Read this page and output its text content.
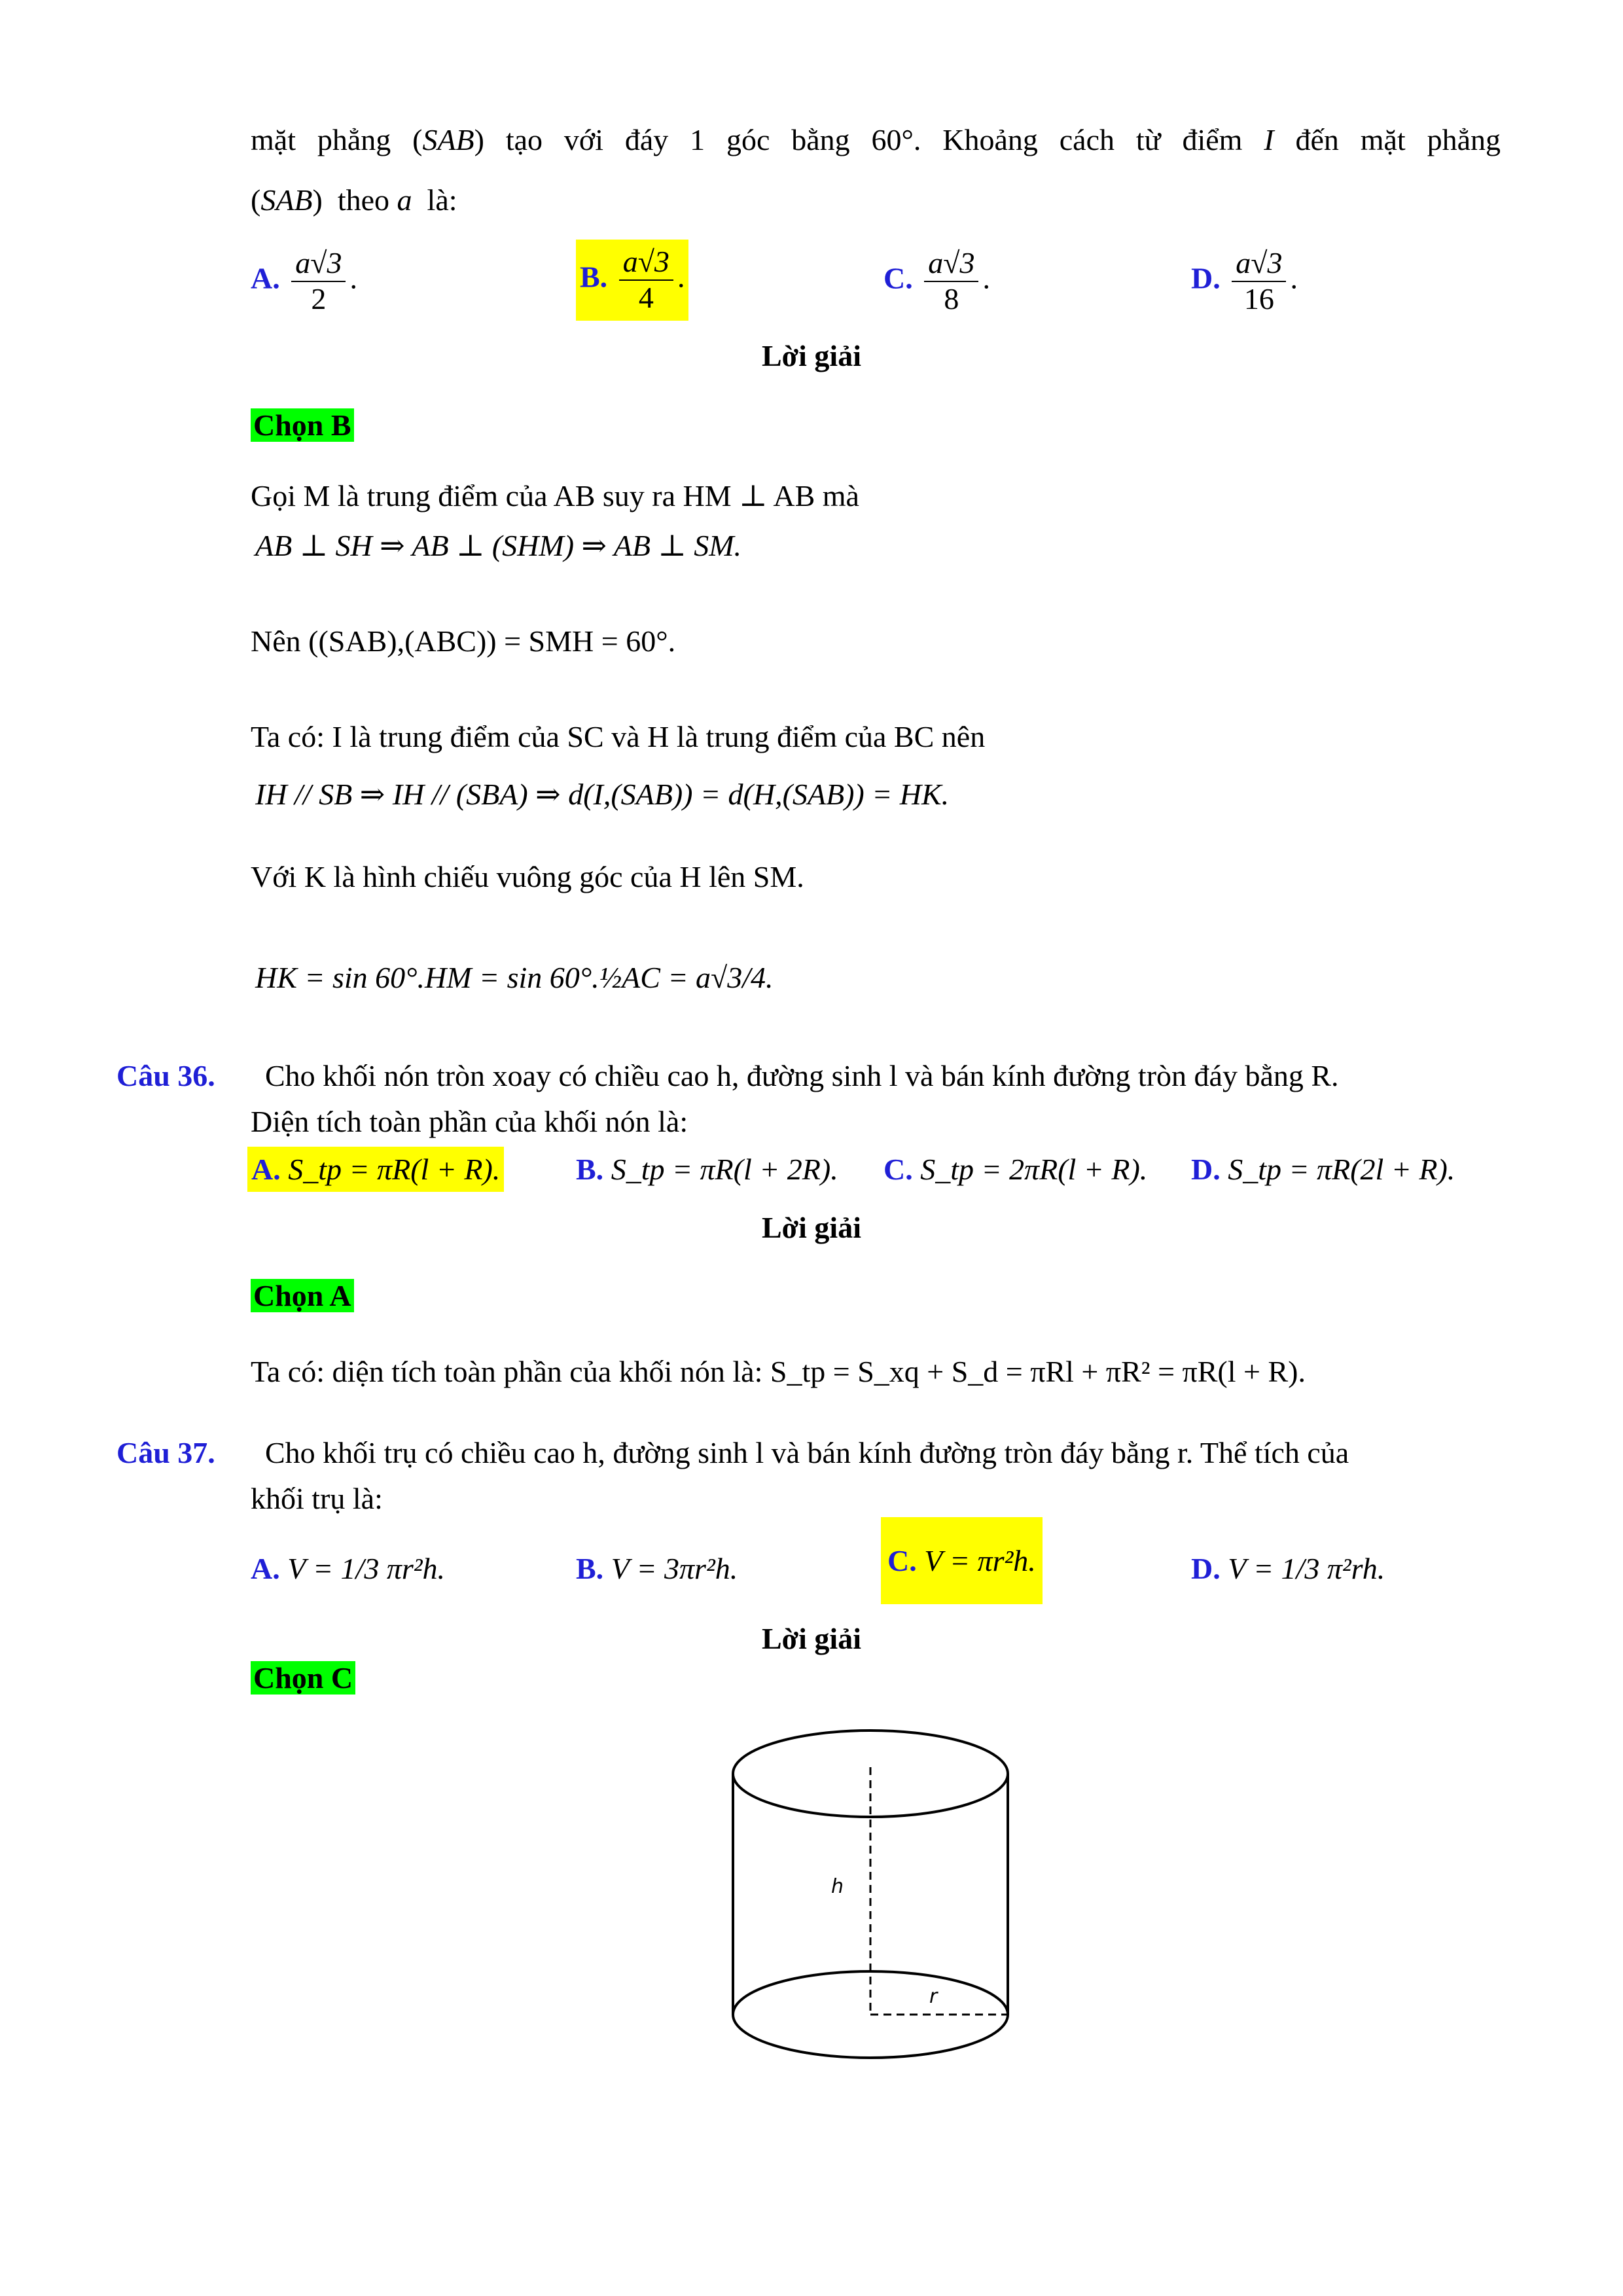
mặt phẳng (SAB) tạo với đáy 1 góc bằng 60°. Khoảng cách từ điểm I đến mặt phẳng
(SAB)  theo a  là:
A. $\frac{a√3}{2}$ .	B. $\frac{a√3}{4}$ .	C. $\frac{a√3}{8}$ .	D. $\frac{a√3}{16}$ .
Lời giải
Chọn B
Gọi M là trung điểm của AB suy ra HM ⊥ AB mà
AB ⊥ SH ⇒ AB ⊥ (SHM) ⇒ AB ⊥ SM.
Nên ((SAB),(ABC)) = SMH = 60°.
Ta có: I là trung điểm của SC và H là trung điểm của BC nên
IH // SB ⇒ IH // (SBA) ⇒ d(I,(SAB)) = d(H,(SAB)) = HK.
Với K là hình chiếu vuông góc của H lên SM.
HK = sin 60°.HM = sin 60°.½AC = a√3/4.
Câu 36. Cho khối nón tròn xoay có chiều cao h, đường sinh l và bán kính đường tròn đáy bằng R.
Diện tích toàn phần của khối nón là:
A. S_tp = πR(l + R).	B. S_tp = πR(l + 2R). C. S_tp = 2πR(l + R). D. S_tp = πR(2l + R).
Lời giải
Chọn A
Ta có: diện tích toàn phần của khối nón là: S_tp = S_xq + S_d = πRl + πR² = πR(l + R).
Câu 37. Cho khối trụ có chiều cao h, đường sinh l và bán kính đường tròn đáy bằng r. Thể tích của
khối trụ là:
A. V = 1/3 πr²h.	B. V = 3πr²h.	C. V = πr²h.	D. V = 1/3 π²rh.
Lời giải
Chọn C
h
r
